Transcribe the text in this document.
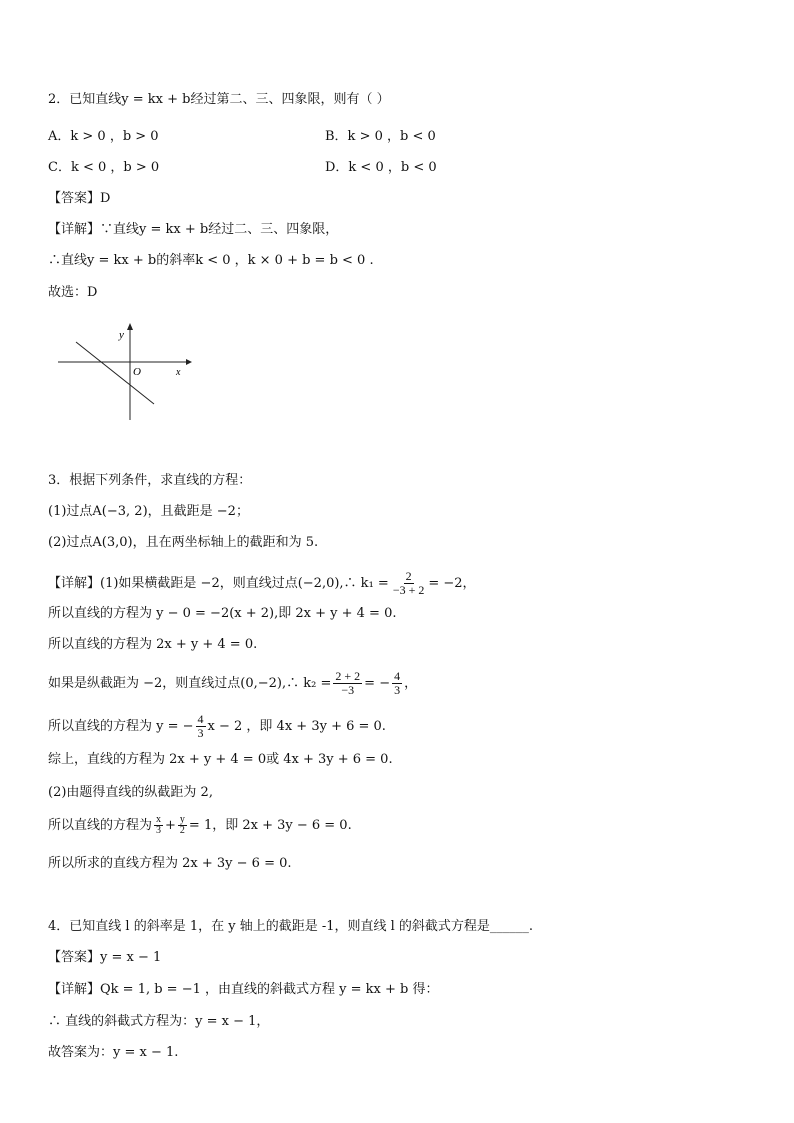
2．已知直线y = kx + b经过第二、三、四象限，则有（ ）
A．k > 0 ，b > 0	B．k > 0 ，b < 0
C．k < 0 ，b > 0	D．k < 0 ，b < 0
【答案】D
【详解】∵直线y = kx + b经过二、三、四象限，
∴直线y = kx + b的斜率k < 0 ，k × 0 + b = b < 0 .
故选：D
y
x
O
3．根据下列条件，求直线的方程：
(1)过点A(−3, 2)，且截距是 −2；
(2)过点A(3,0)，且在两坐标轴上的截距和为 5.
【详解】(1)如果横截距是 −2，则直线过点(−2,0),∴ $k_1 = \frac{2}{-3 + 2} = -2$，
所以直线的方程为 y − 0 = −2(x + 2),即 2x + y + 4 = 0.
所以直线的方程为 2x + y + 4 = 0.
如果是纵截距为 −2，则直线过点(0,−2),∴ $k_2 = \frac{2 + 2}{-3}$ = − $\frac{4}{3}$ ，
所以直线的方程为 y = − $\frac{4}{3}$ x − 2 ，即 4x + 3y + 6 = 0.
综上，直线的方程为 2x + y + 4 = 0或 4x + 3y + 6 = 0.
(2)由题得直线的纵截距为 2,
所以直线的方程为 $\frac{x}{3} + \frac{y}{2} = 1$，即 2x + 3y − 6 = 0.
所以所求的直线方程为 2x + 3y − 6 = 0.
4．已知直线 l 的斜率是 1，在 y 轴上的截距是 -1，则直线 l 的斜截式方程是______.
【答案】y = x − 1
【详解】Qk = 1, b = −1 ，由直线的斜截式方程 y = kx + b 得：
∴ 直线的斜截式方程为：y = x − 1，
故答案为：y = x − 1.
